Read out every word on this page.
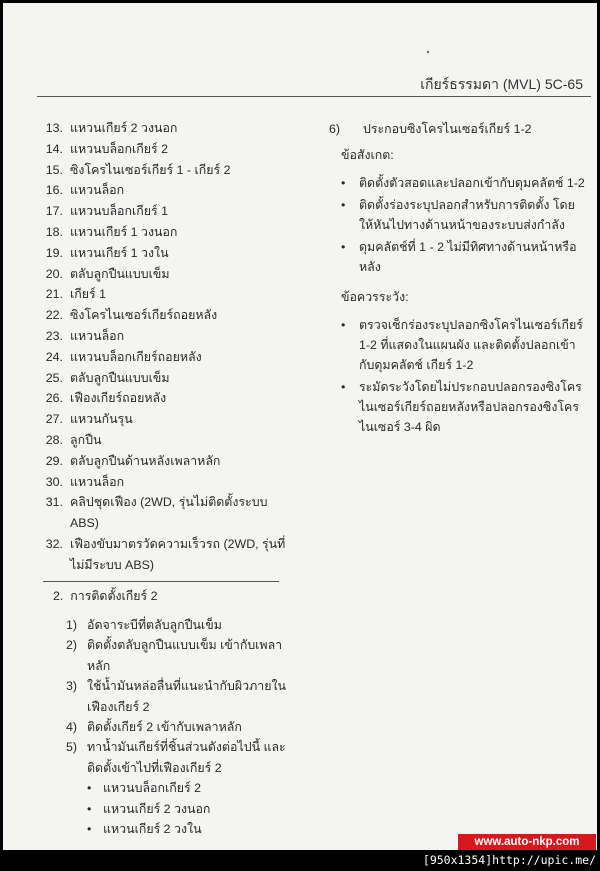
เกียร์ธรรมดา (MVL) 5C-65
13. แหวนเกียร์ 2 วงนอก
14. แหวนบล็อกเกียร์ 2
15. ซิงโครไนเซอร์เกียร์ 1 - เกียร์ 2
16. แหวนล็อก
17. แหวนบล็อกเกียร์ 1
18. แหวนเกียร์ 1 วงนอก
19. แหวนเกียร์ 1 วงใน
20. ตลับลูกปืนแบบเข็ม
21. เกียร์ 1
22. ซิงโครไนเซอร์เกียร์ถอยหลัง
23. แหวนล็อก
24. แหวนบล็อกเกียร์ถอยหลัง
25. ตลับลูกปืนแบบเข็ม
26. เฟืองเกียร์ถอยหลัง
27. แหวนกันรุน
28. ลูกปืน
29. ตลับลูกปืนด้านหลังเพลาหลัก
30. แหวนล็อก
31. คลิปชุดเฟือง (2WD, รุ่นไม่ติดตั้งระบบ ABS)
32. เฟืองขับมาตรวัดความเร็วรถ (2WD, รุ่นที่ไม่มีระบบ ABS)
2. การติดตั้งเกียร์ 2
1) อัดจาระบีที่ตลับลูกปืนเข็ม
2) ติดตั้งตลับลูกปืนแบบเข็ม เข้ากับเพลาหลัก
3) ใช้น้ำมันหล่อลื่นที่แนะนำกับผิวภายในเฟืองเกียร์ 2
4) ติดตั้งเกียร์ 2 เข้ากับเพลาหลัก
5) ทาน้ำมันเกียร์ที่ชิ้นส่วนดังต่อไปนี้ และติดตั้งเข้าไปที่เฟืองเกียร์ 2
• แหวนบล็อกเกียร์ 2
• แหวนเกียร์ 2 วงนอก
• แหวนเกียร์ 2 วงใน
6)	ประกอบซิงโครไนเซอร์เกียร์ 1-2
ข้อสังเกต:
•	ติดตั้งตัวสอดและปลอกเข้ากับดุมคลัตช์ 1-2
•	ติดตั้งร่องระบุปลอกสำหรับการติดตั้ง โดยให้หันไปทางด้านหน้าของระบบส่งกำลัง
•	ดุมคลัตช์ที่ 1 - 2 ไม่มีทิศทางด้านหน้าหรือหลัง
ข้อควรระวัง:
•	ตรวจเช็กร่องระบุปลอกซิงโครไนเซอร์เกียร์ 1-2 ที่แสดงในแผนผัง และติดตั้งปลอกเข้ากับดุมคลัตช์ เกียร์ 1-2
•	ระมัดระวังโดยไม่ประกอบปลอกรองซิงโครไนเซอร์เกียร์ถอยหลังหรือปลอกรองซิงโครไนเซอร์ 3-4 ผิด
www.auto-nkp.com
[950x1354]http://upic.me/
